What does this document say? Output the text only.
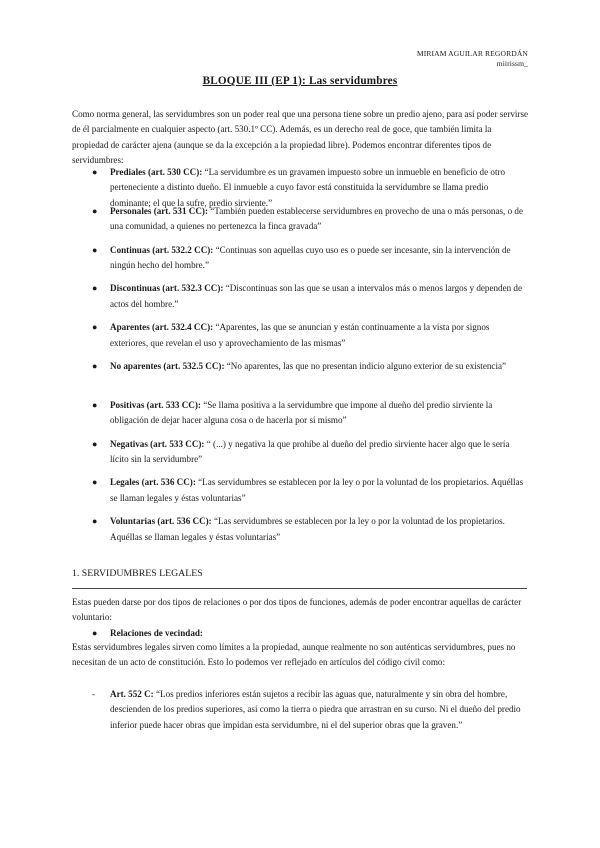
MIRIAM AGUILAR REGORDÁN
miirissm_
BLOQUE III (EP 1): Las servidumbres
Como norma general, las servidumbres son un poder real que una persona tiene sobre un predio ajeno, para así poder servirse de él parcialmente en cualquier aspecto (art. 530.1º CC). Además, es un derecho real de goce, que también limita la propiedad de carácter ajena (aunque se da la excepción a la propiedad libre). Podemos encontrar diferentes tipos de servidumbres:
● Prediales (art. 530 CC): “La servidumbre es un gravamen impuesto sobre un inmueble en beneficio de otro perteneciente a distinto dueño. El inmueble a cuyo favor está constituida la servidumbre se llama predio dominante; el que la sufre, predio sirviente.”
● Personales (art. 531 CC): “También pueden establecerse servidumbres en provecho de una o más personas, o de una comunidad, a quienes no pertenezca la finca gravada”
● Continuas (art. 532.2 CC): “Continuas son aquellas cuyo uso es o puede ser incesante, sin la intervención de ningún hecho del hombre.”
● Discontinuas (art. 532.3 CC): “Discontinuas son las que se usan a intervalos más o menos largos y dependen de actos del hombre.”
● Aparentes (art. 532.4 CC): “Aparentes, las que se anuncian y están continuamente a la vista por signos exteriores, que revelan el uso y aprovechamiento de las mismas”
● No aparentes (art. 532.5 CC): “No aparentes, las que no presentan indicio alguno exterior de su existencia”
● Positivas (art. 533 CC): “Se llama positiva a la servidumbre que impone al dueño del predio sirviente la obligación de dejar hacer alguna cosa o de hacerla por sí mismo”
● Negativas (art. 533 CC): “ (...) y negativa la que prohíbe al dueño del predio sirviente hacer algo que le sería lícito sin la servidumbre”
● Legales (art. 536 CC): “Las servidumbres se establecen por la ley o por la voluntad de los propietarios. Aquéllas se llaman legales y éstas voluntarias”
● Voluntarias (art. 536 CC): “Las servidumbres se establecen por la ley o por la voluntad de los propietarios. Aquéllas se llaman legales y éstas voluntarias”
1. SERVIDUMBRES LEGALES
Estas pueden darse por dos tipos de relaciones o por dos tipos de funciones, además de poder encontrar aquellas de carácter voluntario:
● Relaciones de vecindad:
Estas servidumbres legales sirven como límites a la propiedad, aunque realmente no son auténticas servidumbres, pues no necesitan de un acto de constitución. Esto lo podemos ver reflejado en artículos del código civil como:
- Art. 552 C: “Los predios inferiores están sujetos a recibir las aguas que, naturalmente y sin obra del hombre, descienden de los predios superiores, así como la tierra o piedra que arrastran en su curso. Ni el dueño del predio inferior puede hacer obras que impidan esta servidumbre, ni el del superior obras que la graven.”
